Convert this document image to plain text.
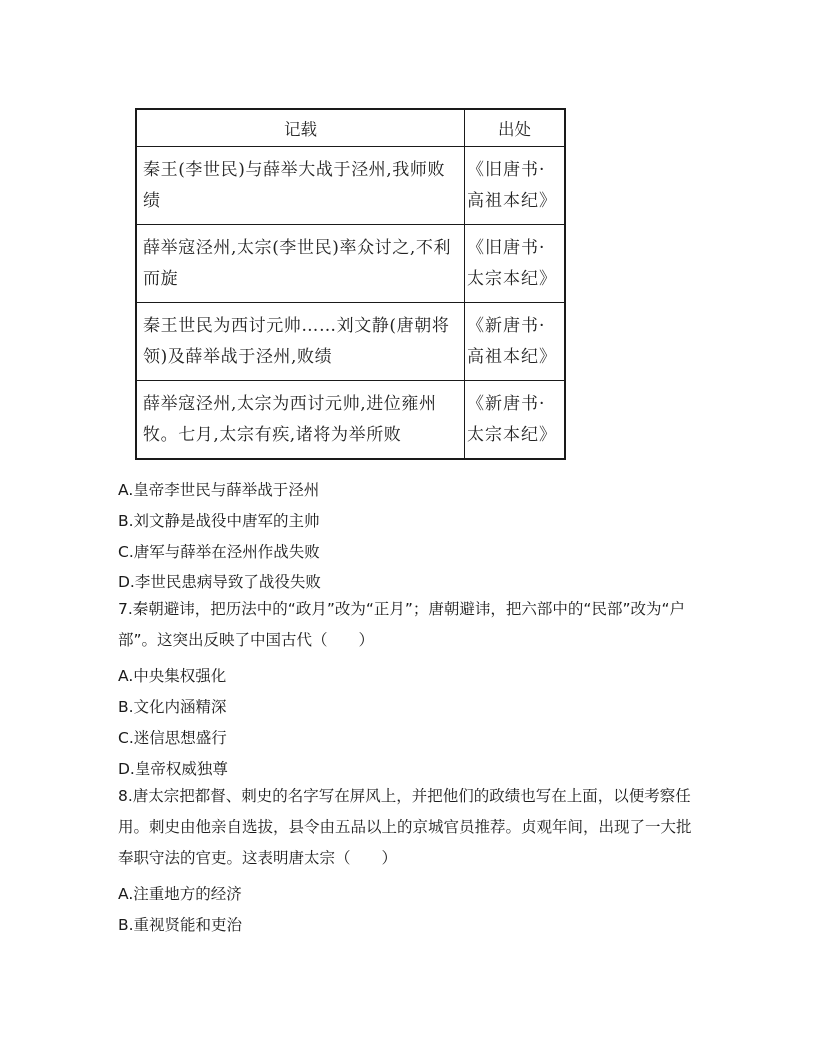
记载	出处
秦王(李世民)与薛举大战于泾州,我师败绩	《旧唐书·高祖本纪》
薛举寇泾州,太宗(李世民)率众讨之,不利而旋	《旧唐书·太宗本纪》
秦王世民为西讨元帅……刘文静(唐朝将领)及薛举战于泾州,败绩	《新唐书·高祖本纪》
薛举寇泾州,太宗为西讨元帅,进位雍州牧。七月,太宗有疾,诸将为举所败	《新唐书·太宗本纪》
A.皇帝李世民与薛举战于泾州
B.刘文静是战役中唐军的主帅
C.唐军与薛举在泾州作战失败
D.李世民患病导致了战役失败
7.秦朝避讳，把历法中的“政月”改为“正月”；唐朝避讳，把六部中的“民部”改为“户部”。这突出反映了中国古代（　　）
A.中央集权强化
B.文化内涵精深
C.迷信思想盛行
D.皇帝权威独尊
8.唐太宗把都督、刺史的名字写在屏风上，并把他们的政绩也写在上面，以便考察任用。刺史由他亲自选拔，县令由五品以上的京城官员推荐。贞观年间，出现了一大批奉职守法的官吏。这表明唐太宗（　　）
A.注重地方的经济
B.重视贤能和吏治
